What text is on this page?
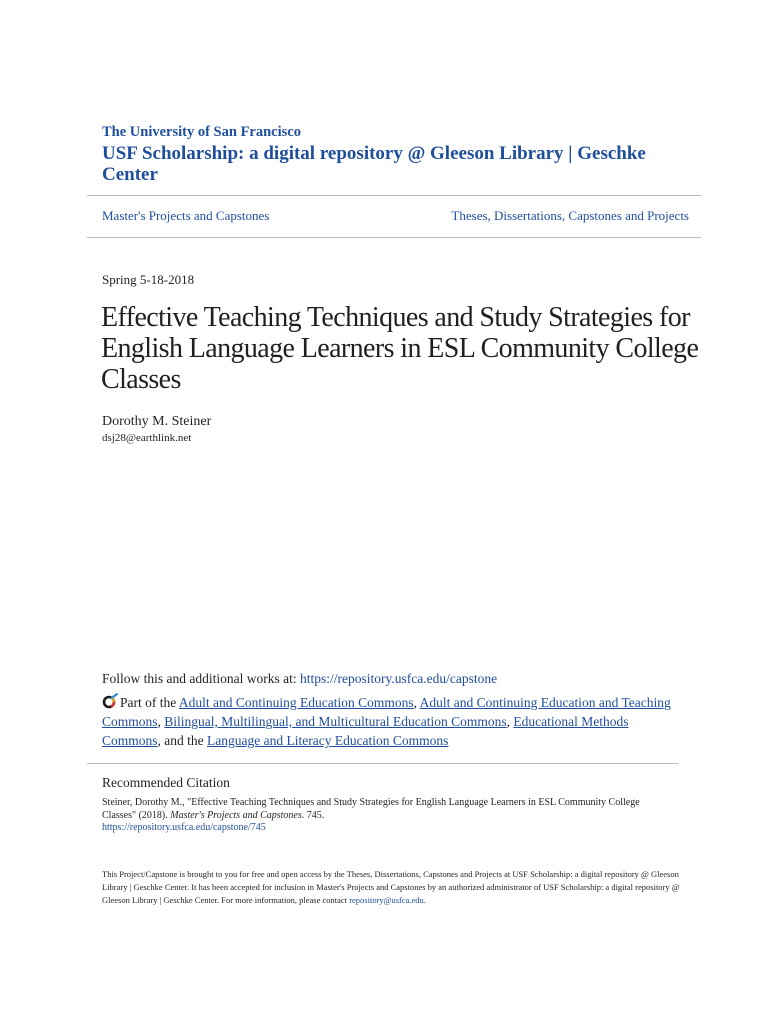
The University of San Francisco
USF Scholarship: a digital repository @ Gleeson Library | Geschke Center
Master's Projects and Capstones	Theses, Dissertations, Capstones and Projects
Spring 5-18-2018
Effective Teaching Techniques and Study Strategies for English Language Learners in ESL Community College Classes
Dorothy M. Steiner
dsj28@earthlink.net
Follow this and additional works at: https://repository.usfca.edu/capstone
Part of the Adult and Continuing Education Commons, Adult and Continuing Education and Teaching Commons, Bilingual, Multilingual, and Multicultural Education Commons, Educational Methods Commons, and the Language and Literacy Education Commons
Recommended Citation
Steiner, Dorothy M., "Effective Teaching Techniques and Study Strategies for English Language Learners in ESL Community College Classes" (2018). Master's Projects and Capstones. 745.
https://repository.usfca.edu/capstone/745
This Project/Capstone is brought to you for free and open access by the Theses, Dissertations, Capstones and Projects at USF Scholarship: a digital repository @ Gleeson Library | Geschke Center. It has been accepted for inclusion in Master's Projects and Capstones by an authorized administrator of USF Scholarship: a digital repository @ Gleeson Library | Geschke Center. For more information, please contact repository@usfca.edu.
